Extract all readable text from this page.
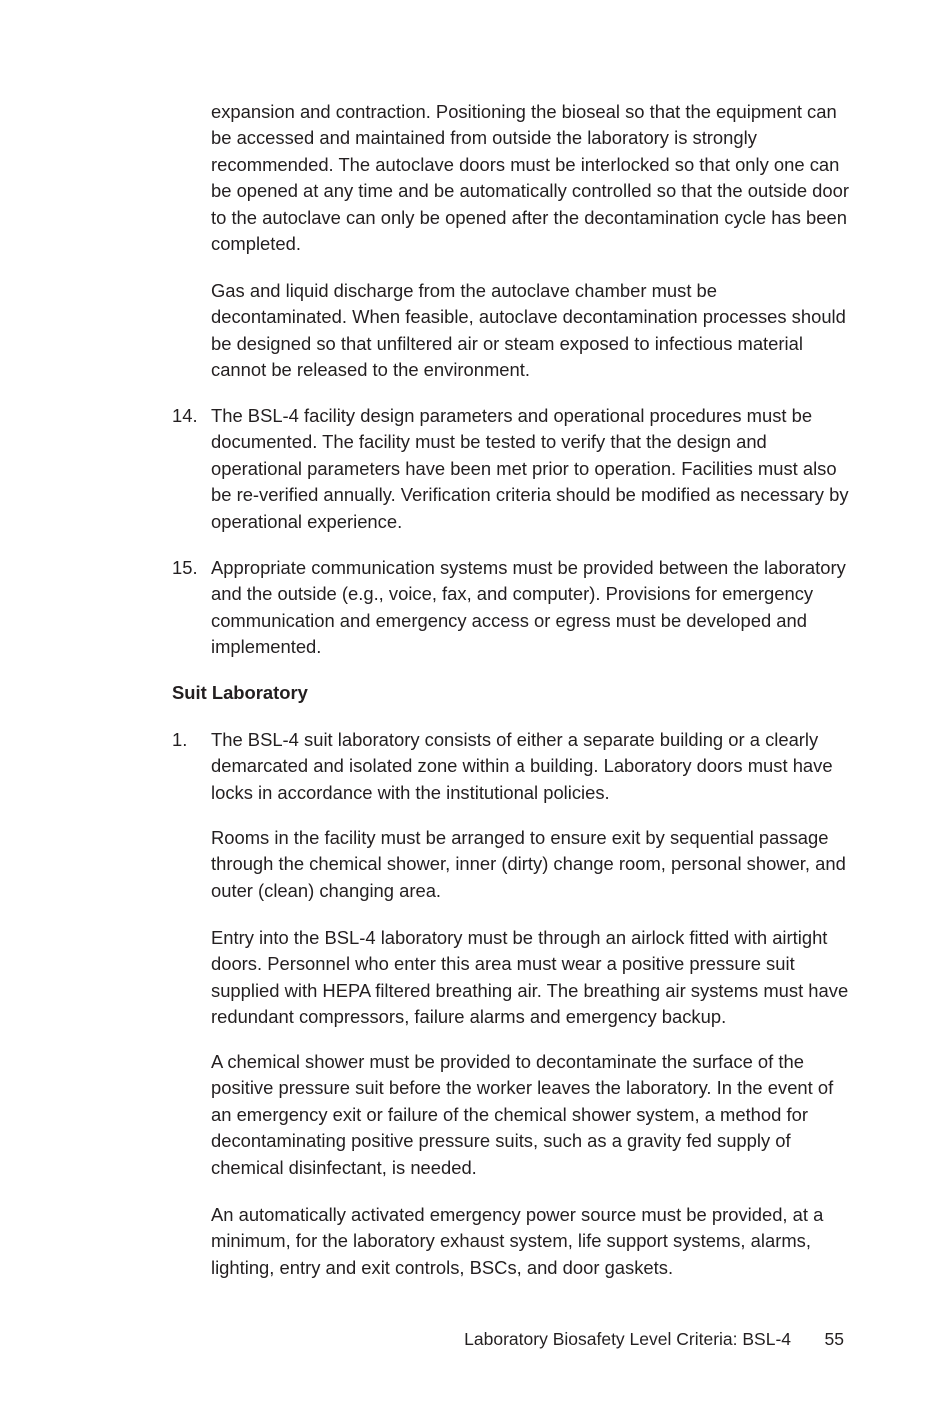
expansion and contraction. Positioning the bioseal so that the equipment can be accessed and maintained from outside the laboratory is strongly recommended. The autoclave doors must be interlocked so that only one can be opened at any time and be automatically controlled so that the outside door to the autoclave can only be opened after the decontamination cycle has been completed.

Gas and liquid discharge from the autoclave chamber must be decontaminated. When feasible, autoclave decontamination processes should be designed so that unfiltered air or steam exposed to infectious material cannot be released to the environment.

14. The BSL-4 facility design parameters and operational procedures must be documented. The facility must be tested to verify that the design and operational parameters have been met prior to operation. Facilities must also be re-verified annually. Verification criteria should be modified as necessary by operational experience.

15. Appropriate communication systems must be provided between the laboratory and the outside (e.g., voice, fax, and computer). Provisions for emergency communication and emergency access or egress must be developed and implemented.

Suit Laboratory

1. The BSL-4 suit laboratory consists of either a separate building or a clearly demarcated and isolated zone within a building. Laboratory doors must have locks in accordance with the institutional policies.

Rooms in the facility must be arranged to ensure exit by sequential passage through the chemical shower, inner (dirty) change room, personal shower, and outer (clean) changing area.

Entry into the BSL-4 laboratory must be through an airlock fitted with airtight doors. Personnel who enter this area must wear a positive pressure suit supplied with HEPA filtered breathing air. The breathing air systems must have redundant compressors, failure alarms and emergency backup.

A chemical shower must be provided to decontaminate the surface of the positive pressure suit before the worker leaves the laboratory. In the event of an emergency exit or failure of the chemical shower system, a method for decontaminating positive pressure suits, such as a gravity fed supply of chemical disinfectant, is needed.

An automatically activated emergency power source must be provided, at a minimum, for the laboratory exhaust system, life support systems, alarms, lighting, entry and exit controls, BSCs, and door gaskets.

Laboratory Biosafety Level Criteria: BSL-4 55
